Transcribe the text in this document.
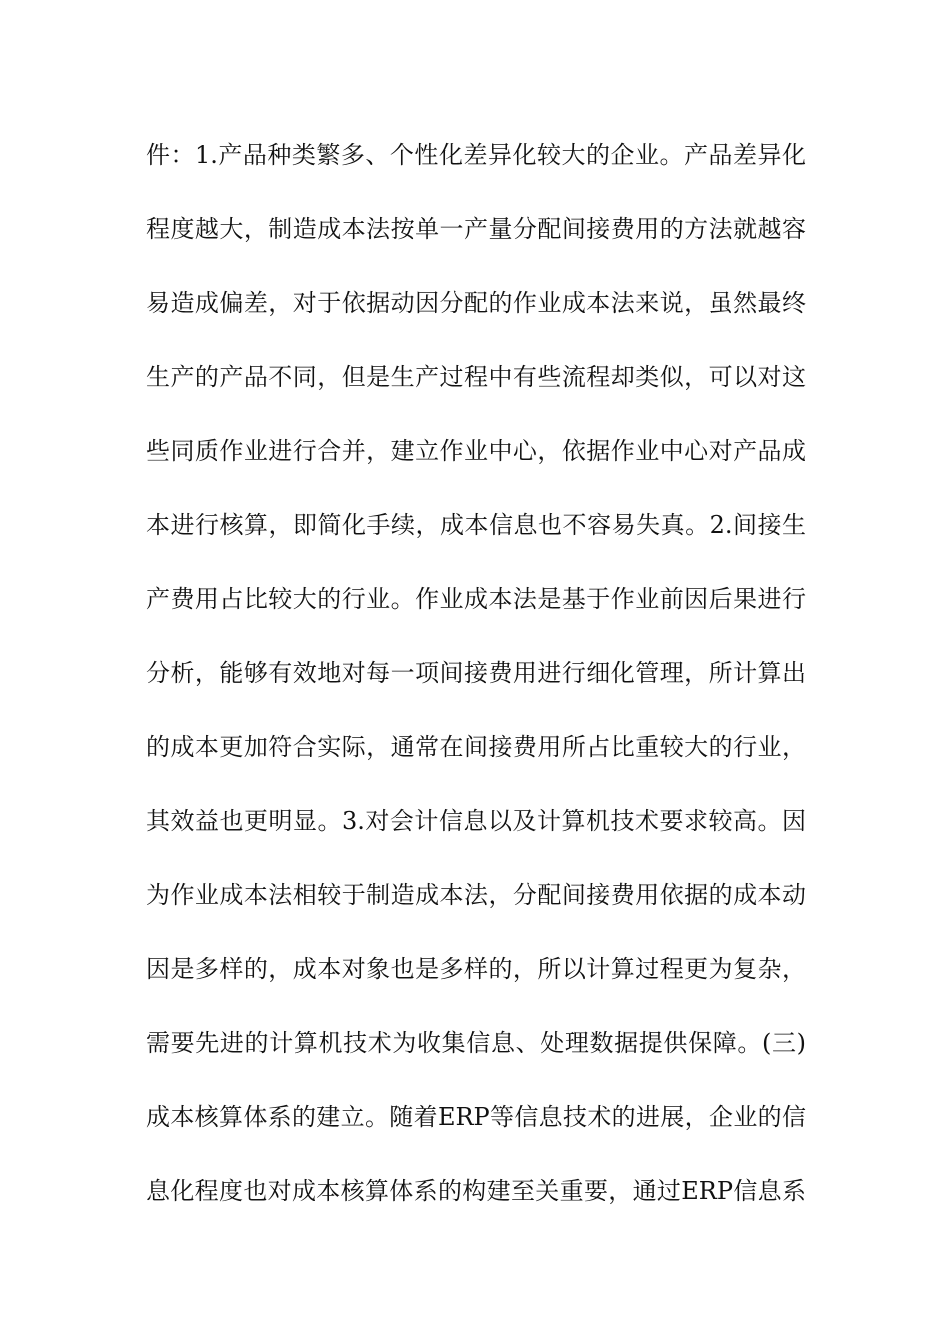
件：1.产品种类繁多、个性化差异化较大的企业。产品差异化
程度越大，制造成本法按单一产量分配间接费用的方法就越容
易造成偏差，对于依据动因分配的作业成本法来说，虽然最终
生产的产品不同，但是生产过程中有些流程却类似，可以对这
些同质作业进行合并，建立作业中心，依据作业中心对产品成
本进行核算，即简化手续，成本信息也不容易失真。2.间接生
产费用占比较大的行业。作业成本法是基于作业前因后果进行
分析，能够有效地对每一项间接费用进行细化管理，所计算出
的成本更加符合实际，通常在间接费用所占比重较大的行业，
其效益也更明显。3.对会计信息以及计算机技术要求较高。因
为作业成本法相较于制造成本法，分配间接费用依据的成本动
因是多样的，成本对象也是多样的，所以计算过程更为复杂，
需要先进的计算机技术为收集信息、处理数据提供保障。(三)
成本核算体系的建立。随着ERP等信息技术的进展，企业的信
息化程度也对成本核算体系的构建至关重要，通过ERP信息系
